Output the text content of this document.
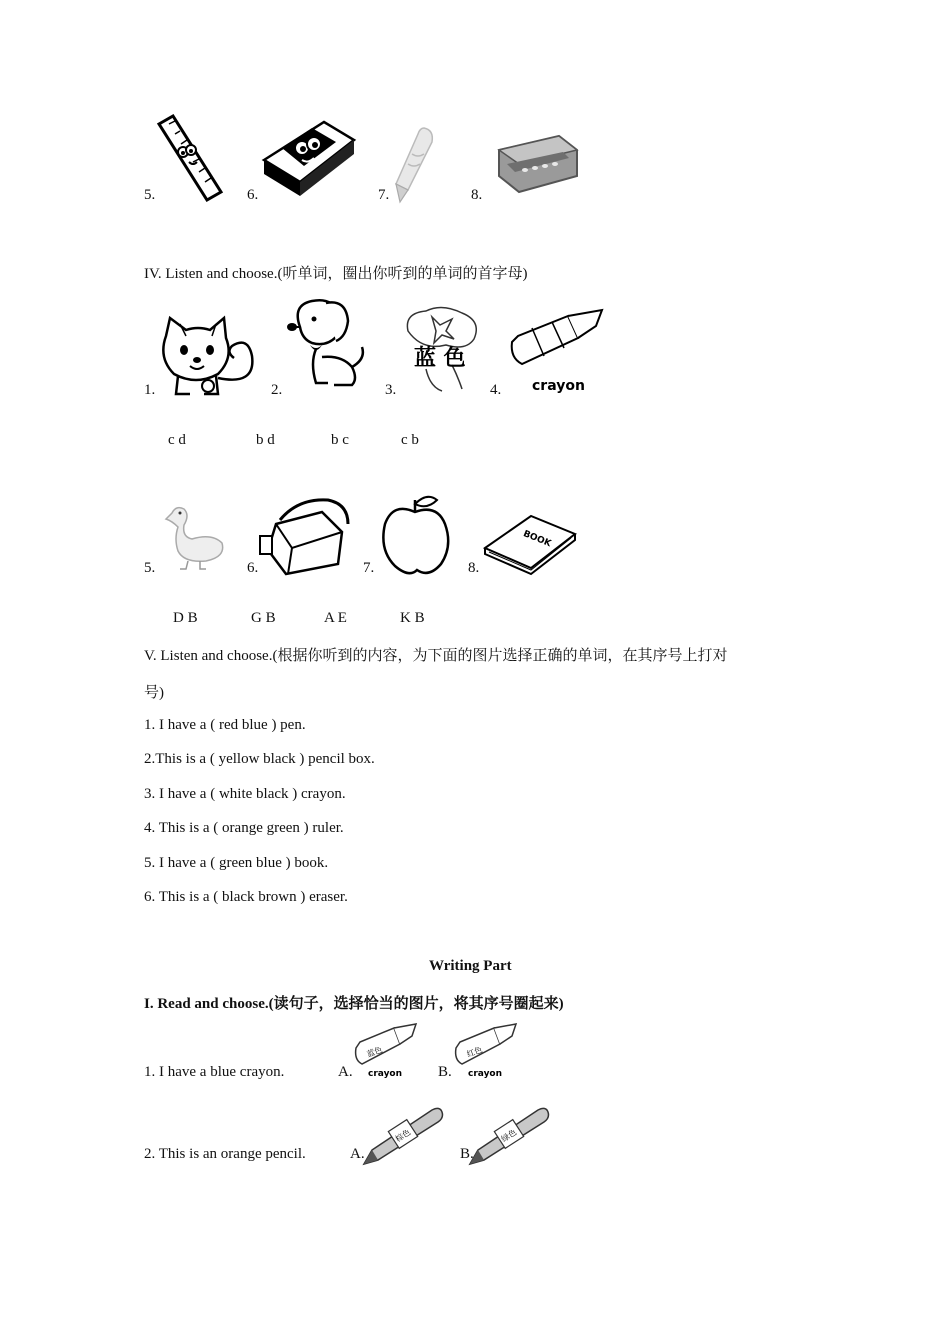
5.	6.	7.	8.
IV. Listen and choose.(听单词，圈出你听到的单词的首字母)
1.	2.	3.
蓝 色
4. crayon
c d	b d	b c	c b
5.	6.	7.	8.
BOOK
D B	G B	A E	K B
V. Listen and choose.(根据你听到的内容，为下面的图片选择正确的单词，在其序号上打对
号)
1. I have a ( red blue ) pen.
2.This is a ( yellow black ) pencil box.
3. I have a ( white black ) crayon.
4. This is a ( orange green ) ruler.
5. I have a ( green blue ) book.
6. This is a ( black brown ) eraser.
Writing Part
I. Read and choose.(读句子，选择恰当的图片，将其序号圈起来)
1. I have a blue crayon.	A.
蓝色
crayon B.
红色
crayon
2. This is an orange pencil.	A.
棕色
B.
绿色
